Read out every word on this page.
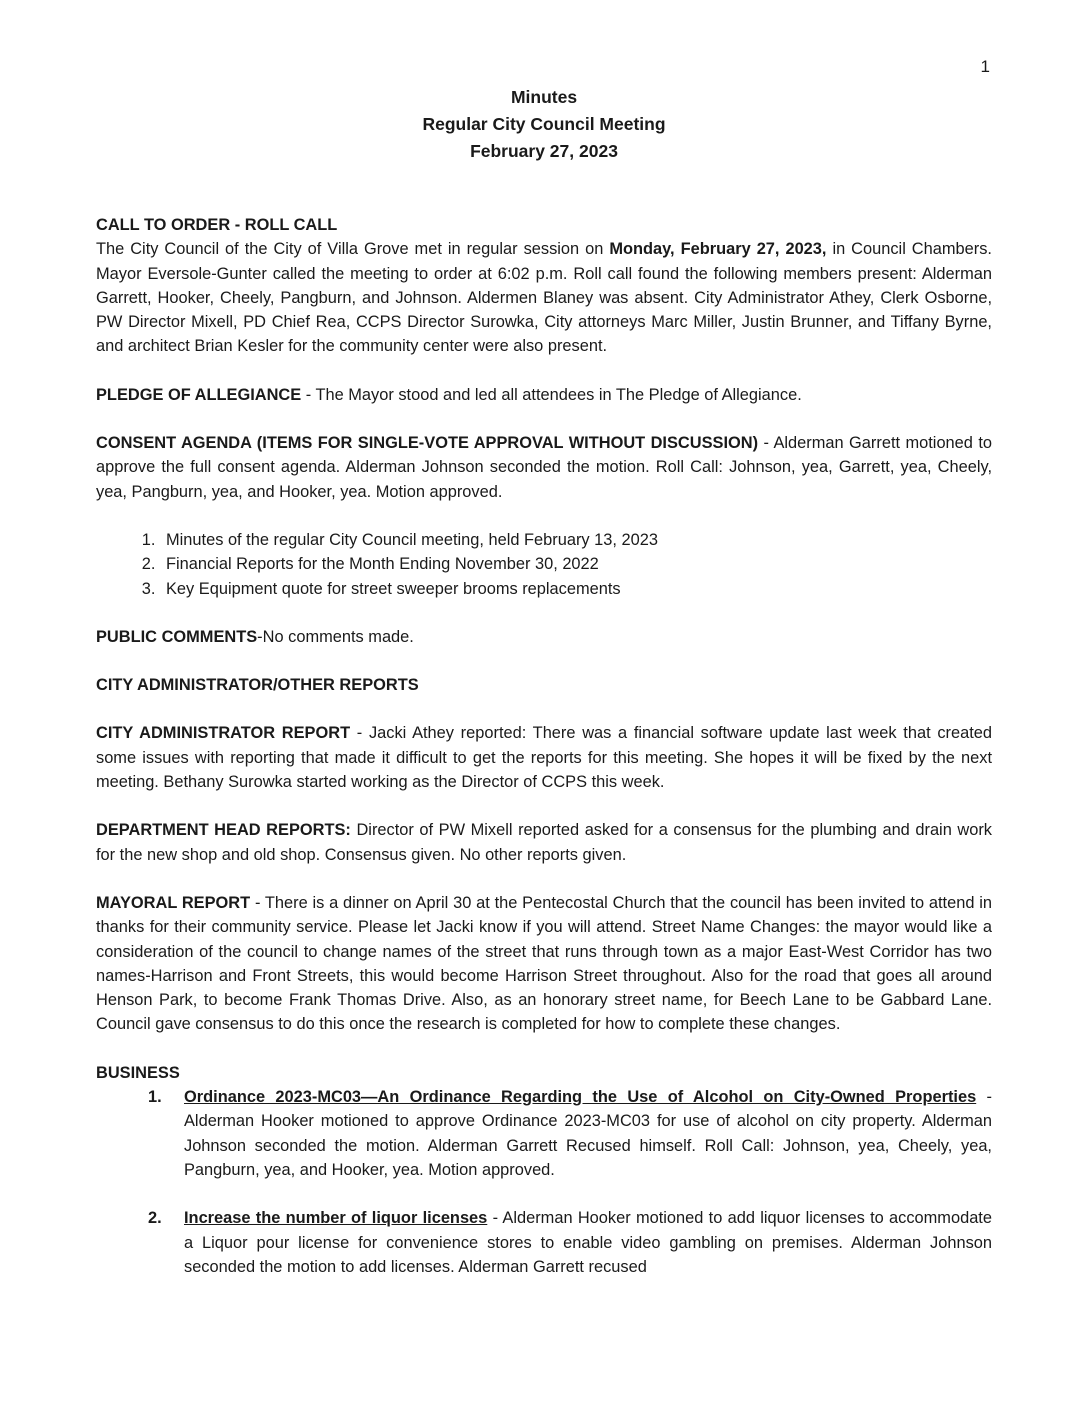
1
Minutes
Regular City Council Meeting
February 27, 2023
CALL TO ORDER - ROLL CALL
The City Council of the City of Villa Grove met in regular session on Monday, February 27, 2023, in Council Chambers. Mayor Eversole-Gunter called the meeting to order at 6:02 p.m. Roll call found the following members present: Alderman Garrett, Hooker, Cheely, Pangburn, and Johnson. Aldermen Blaney was absent. City Administrator Athey, Clerk Osborne, PW Director Mixell, PD Chief Rea, CCPS Director Surowka, City attorneys Marc Miller, Justin Brunner, and Tiffany Byrne, and architect Brian Kesler for the community center were also present.

PLEDGE OF ALLEGIANCE - The Mayor stood and led all attendees in The Pledge of Allegiance.

CONSENT AGENDA (ITEMS FOR SINGLE-VOTE APPROVAL WITHOUT DISCUSSION) - Alderman Garrett motioned to approve the full consent agenda. Alderman Johnson seconded the motion. Roll Call: Johnson, yea, Garrett, yea, Cheely, yea, Pangburn, yea, and Hooker, yea. Motion approved.

1. Minutes of the regular City Council meeting, held February 13, 2023
2. Financial Reports for the Month Ending November 30, 2022
3. Key Equipment quote for street sweeper brooms replacements

PUBLIC COMMENTS-No comments made.

CITY ADMINISTRATOR/OTHER REPORTS

CITY ADMINISTRATOR REPORT - Jacki Athey reported: There was a financial software update last week that created some issues with reporting that made it difficult to get the reports for this meeting. She hopes it will be fixed by the next meeting. Bethany Surowka started working as the Director of CCPS this week.

DEPARTMENT HEAD REPORTS: Director of PW Mixell reported asked for a consensus for the plumbing and drain work for the new shop and old shop. Consensus given. No other reports given.

MAYORAL REPORT - There is a dinner on April 30 at the Pentecostal Church that the council has been invited to attend in thanks for their community service. Please let Jacki know if you will attend. Street Name Changes: the mayor would like a consideration of the council to change names of the street that runs through town as a major East-West Corridor has two names-Harrison and Front Streets, this would become Harrison Street throughout. Also for the road that goes all around Henson Park, to become Frank Thomas Drive. Also, as an honorary street name, for Beech Lane to be Gabbard Lane. Council gave consensus to do this once the research is completed for how to complete these changes.

BUSINESS
1.	Ordinance 2023-MC03—An Ordinance Regarding the Use of Alcohol on City-Owned Properties - Alderman Hooker motioned to approve Ordinance 2023-MC03 for use of alcohol on city property. Alderman Johnson seconded the motion. Alderman Garrett Recused himself. Roll Call: Johnson, yea, Cheely, yea, Pangburn, yea, and Hooker, yea. Motion approved.
2.	Increase the number of liquor licenses - Alderman Hooker motioned to add liquor licenses to accommodate a Liquor pour license for convenience stores to enable video gambling on premises. Alderman Johnson seconded the motion to add licenses. Alderman Garrett recused
